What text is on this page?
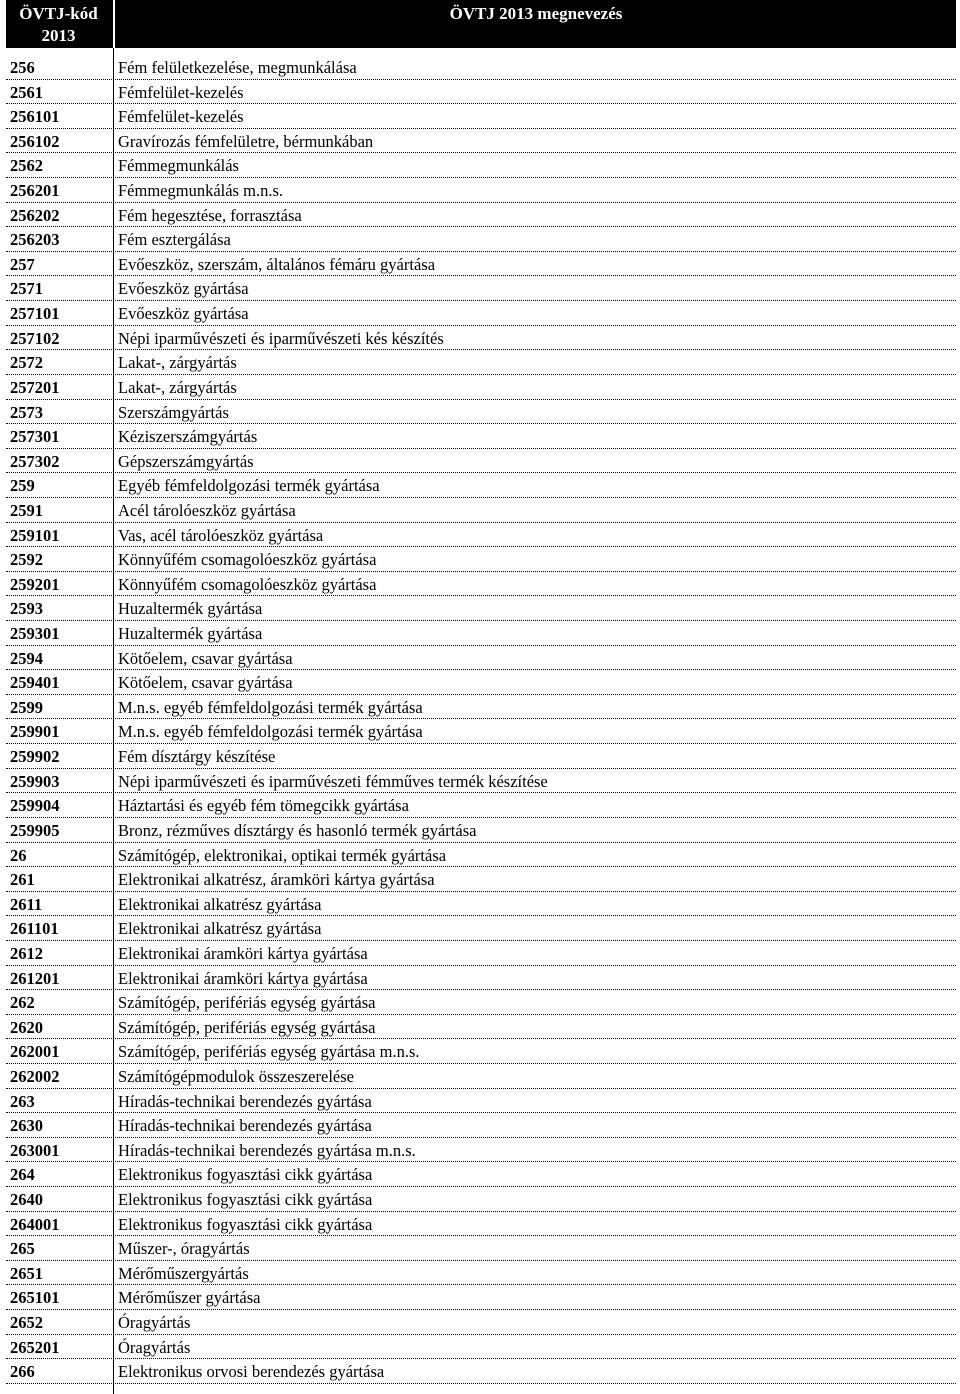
ÖVTJ-kód
2013
ÖVTJ 2013 megnevezés
256	Fém felületkezelése, megmunkálása
2561	Fémfelület-kezelés
256101	Fémfelület-kezelés
256102	Gravírozás fémfelületre, bérmunkában
2562	Fémmegmunkálás
256201	Fémmegmunkálás m.n.s.
256202	Fém hegesztése, forrasztása
256203	Fém esztergálása
257	Evőeszköz, szerszám, általános fémáru gyártása
2571	Evőeszköz gyártása
257101	Evőeszköz gyártása
257102	Népi iparművészeti és iparművészeti kés készítés
2572	Lakat-, zárgyártás
257201	Lakat-, zárgyártás
2573	Szerszámgyártás
257301	Kéziszerszámgyártás
257302	Gépszerszámgyártás
259	Egyéb fémfeldolgozási termék gyártása
2591	Acél tárolóeszköz gyártása
259101	Vas, acél tárolóeszköz gyártása
2592	Könnyűfém csomagolóeszköz gyártása
259201	Könnyűfém csomagolóeszköz gyártása
2593	Huzaltermék gyártása
259301	Huzaltermék gyártása
2594	Kötőelem, csavar gyártása
259401	Kötőelem, csavar gyártása
2599	M.n.s. egyéb fémfeldolgozási termék gyártása
259901	M.n.s. egyéb fémfeldolgozási termék gyártása
259902	Fém dísztárgy készítése
259903	Népi iparművészeti és iparművészeti fémműves termék készítése
259904	Háztartási és egyéb fém tömegcikk gyártása
259905	Bronz, rézműves dísztárgy és hasonló termék gyártása
26	Számítógép, elektronikai, optikai termék gyártása
261	Elektronikai alkatrész, áramköri kártya gyártása
2611	Elektronikai alkatrész gyártása
261101	Elektronikai alkatrész gyártása
2612	Elektronikai áramköri kártya gyártása
261201	Elektronikai áramköri kártya gyártása
262	Számítógép, perifériás egység gyártása
2620	Számítógép, perifériás egység gyártása
262001	Számítógép, perifériás egység gyártása m.n.s.
262002	Számítógépmodulok összeszerelése
263	Híradás-technikai berendezés gyártása
2630	Híradás-technikai berendezés gyártása
263001	Híradás-technikai berendezés gyártása m.n.s.
264	Elektronikus fogyasztási cikk gyártása
2640	Elektronikus fogyasztási cikk gyártása
264001	Elektronikus fogyasztási cikk gyártása
265	Műszer-, óragyártás
2651	Mérőműszergyártás
265101	Mérőműszer gyártása
2652	Óragyártás
265201	Óragyártás
266	Elektronikus orvosi berendezés gyártása
